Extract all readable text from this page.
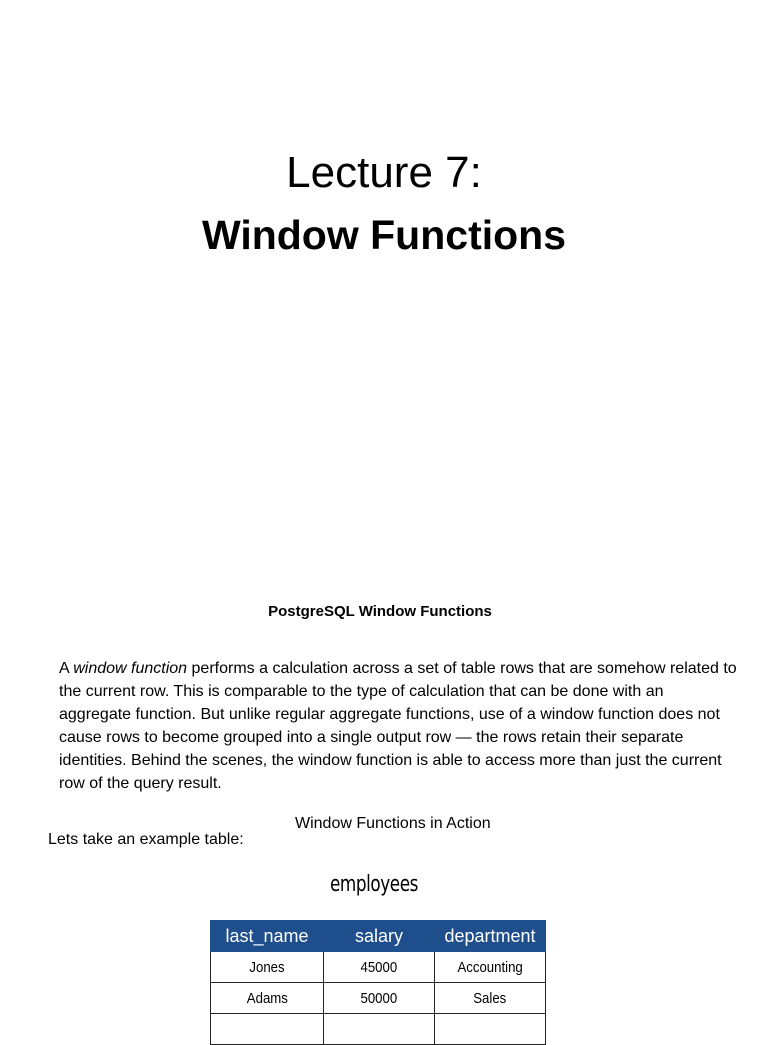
Lecture 7:
Window Functions
PostgreSQL Window Functions
A window function performs a calculation across a set of table rows that are somehow related to the current row. This is comparable to the type of calculation that can be done with an aggregate function. But unlike regular aggregate functions, use of a window function does not cause rows to become grouped into a single output row — the rows retain their separate identities. Behind the scenes, the window function is able to access more than just the current row of the query result.
Window Functions in Action
Lets take an example table:
employees
last_name	salary	department
Jones	45000	Accounting
Adams	50000	Sales
